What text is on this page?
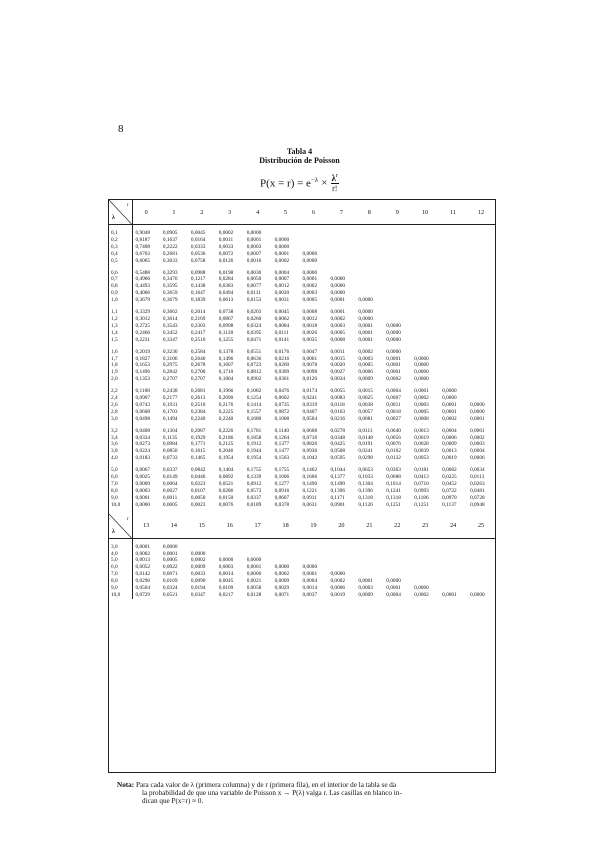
8
Tabla 4
Distribución de Poisson
$P(x = r) = e^{-\lambda} \times \frac{\lambda^r}{r!}$
r
λ	0	1	2	3	4	5	6	7	8	9	10	11	12

0,1	0,9048	0,0905	0,0045	0,0002	0,0000								
0,2	0,8187	0,1637	0,0164	0,0011	0,0001	0,0000							
0,3	0,7408	0,2222	0,0333	0,0033	0,0003	0,0000							
0,4	0,6703	0,2681	0,0536	0,0072	0,0007	0,0001	0,0000						
0,5	0,6065	0,3033	0,0758	0,0126	0,0016	0,0002	0,0000						

0,6	0,5488	0,3293	0,0988	0,0198	0,0030	0,0004	0,0000						
0,7	0,4966	0,3476	0,1217	0,0284	0,0050	0,0007	0,0001	0,0000					
0,8	0,4493	0,3595	0,1438	0,0383	0,0077	0,0012	0,0002	0,0000					
0,9	0,4066	0,3659	0,1647	0,0494	0,0111	0,0020	0,0003	0,0000					
1,0	0,3679	0,3679	0,1839	0,0613	0,0153	0,0031	0,0005	0,0001	0,0000				

1,1	0,3329	0,3662	0,2014	0,0738	0,0203	0,0045	0,0008	0,0001	0,0000				
1,2	0,3012	0,3614	0,2169	0,0867	0,0260	0,0062	0,0012	0,0002	0,0000				
1,3	0,2725	0,3543	0,2303	0,0998	0,0324	0,0084	0,0018	0,0003	0,0001	0,0000			
1,4	0,2466	0,3452	0,2417	0,1128	0,0395	0,0111	0,0026	0,0005	0,0001	0,0000			
1,5	0,2231	0,3347	0,2510	0,1255	0,0471	0,0141	0,0035	0,0008	0,0001	0,0000			

1,6	0,2019	0,3230	0,2584	0,1378	0,0551	0,0176	0,0047	0,0011	0,0002	0,0000			
1,7	0,1827	0,3106	0,2640	0,1496	0,0636	0,0216	0,0061	0,0015	0,0003	0,0001	0,0000		
1,8	0,1653	0,2975	0,2678	0,1607	0,0723	0,0260	0,0078	0,0020	0,0005	0,0001	0,0000		
1,9	0,1496	0,2842	0,2700	0,1710	0,0812	0,0309	0,0098	0,0027	0,0006	0,0001	0,0000		
2,0	0,1353	0,2707	0,2707	0,1804	0,0902	0,0361	0,0120	0,0034	0,0009	0,0002	0,0000		

2,2	0,1108	0,2438	0,2681	0,1966	0,1082	0,0476	0,0174	0,0055	0,0015	0,0004	0,0001	0,0000	
2,4	0,0907	0,2177	0,2613	0,2090	0,1254	0,0602	0,0241	0,0083	0,0025	0,0007	0,0002	0,0000	
2,6	0,0743	0,1931	0,2510	0,2176	0,1414	0,0735	0,0319	0,0118	0,0038	0,0011	0,0003	0,0001	0,0000
2,8	0,0608	0,1703	0,2384	0,2225	0,1557	0,0872	0,0407	0,0163	0,0057	0,0018	0,0005	0,0001	0,0000
3,0	0,0498	0,1494	0,2240	0,2240	0,1680	0,1008	0,0504	0,0216	0,0081	0,0027	0,0008	0,0002	0,0001

3,2	0,0408	0,1304	0,2087	0,2226	0,1781	0,1140	0,0608	0,0278	0,0111	0,0040	0,0013	0,0004	0,0001
3,4	0,0334	0,1135	0,1929	0,2186	0,1858	0,1264	0,0716	0,0348	0,0148	0,0056	0,0019	0,0006	0,0002
3,6	0,0273	0,0984	0,1771	0,2125	0,1912	0,1377	0,0826	0,0425	0,0191	0,0076	0,0028	0,0009	0,0003
3,8	0,0224	0,0850	0,1615	0,2046	0,1944	0,1477	0,0936	0,0508	0,0241	0,0102	0,0039	0,0013	0,0004
4,0	0,0183	0,0733	0,1465	0,1954	0,1954	0,1563	0,1042	0,0595	0,0298	0,0132	0,0053	0,0019	0,0006

5,0	0,0067	0,0337	0,0842	0,1404	0,1755	0,1755	0,1462	0,1044	0,0653	0,0363	0,0181	0,0082	0,0034
6,0	0,0025	0,0149	0,0446	0,0892	0,1339	0,1606	0,1606	0,1377	0,1033	0,0688	0,0413	0,0225	0,0113
7,0	0,0009	0,0064	0,0223	0,0521	0,0912	0,1277	0,1490	0,1490	0,1304	0,1014	0,0710	0,0452	0,0263
8,0	0,0003	0,0027	0,0107	0,0286	0,0573	0,0916	0,1221	0,1396	0,1396	0,1241	0,0993	0,0722	0,0481
9,0	0,0001	0,0011	0,0050	0,0150	0,0337	0,0607	0,0911	0,1171	0,1318	0,1318	0,1186	0,0970	0,0728
10,0	0,0000	0,0005	0,0023	0,0076	0,0189	0,0378	0,0631	0,0901	0,1126	0,1251	0,1251	0,1137	0,0948

r
λ	13	14	15	16	17	18	19	20	21	22	23	24	25

3,0	0,0001	0,0000											
4,0	0,0002	0,0001	0,0000										
5,0	0,0013	0,0005	0,0002	0,0000	0,0000								
6,0	0,0052	0,0022	0,0009	0,0003	0,0001	0,0000	0,0000						
7,0	0,0142	0,0071	0,0033	0,0014	0,0006	0,0002	0,0001	0,0000					
8,0	0,0296	0,0169	0,0090	0,0045	0,0021	0,0009	0,0004	0,0002	0,0001	0,0000			
9,0	0,0504	0,0324	0,0194	0,0109	0,0058	0,0029	0,0014	0,0006	0,0003	0,0001	0,0000		
10,0	0,0729	0,0521	0,0347	0,0217	0,0128	0,0071	0,0037	0,0019	0,0009	0,0004	0,0002	0,0001	0,0000
Nota: Para cada valor de λ (primera columna) y de r (primera fila), en el interior de la tabla se da
la probabilidad de que una variable de Poisson x → P(λ) valga r. Las casillas en blanco in-
dican que P(x=r) ≈ 0.
